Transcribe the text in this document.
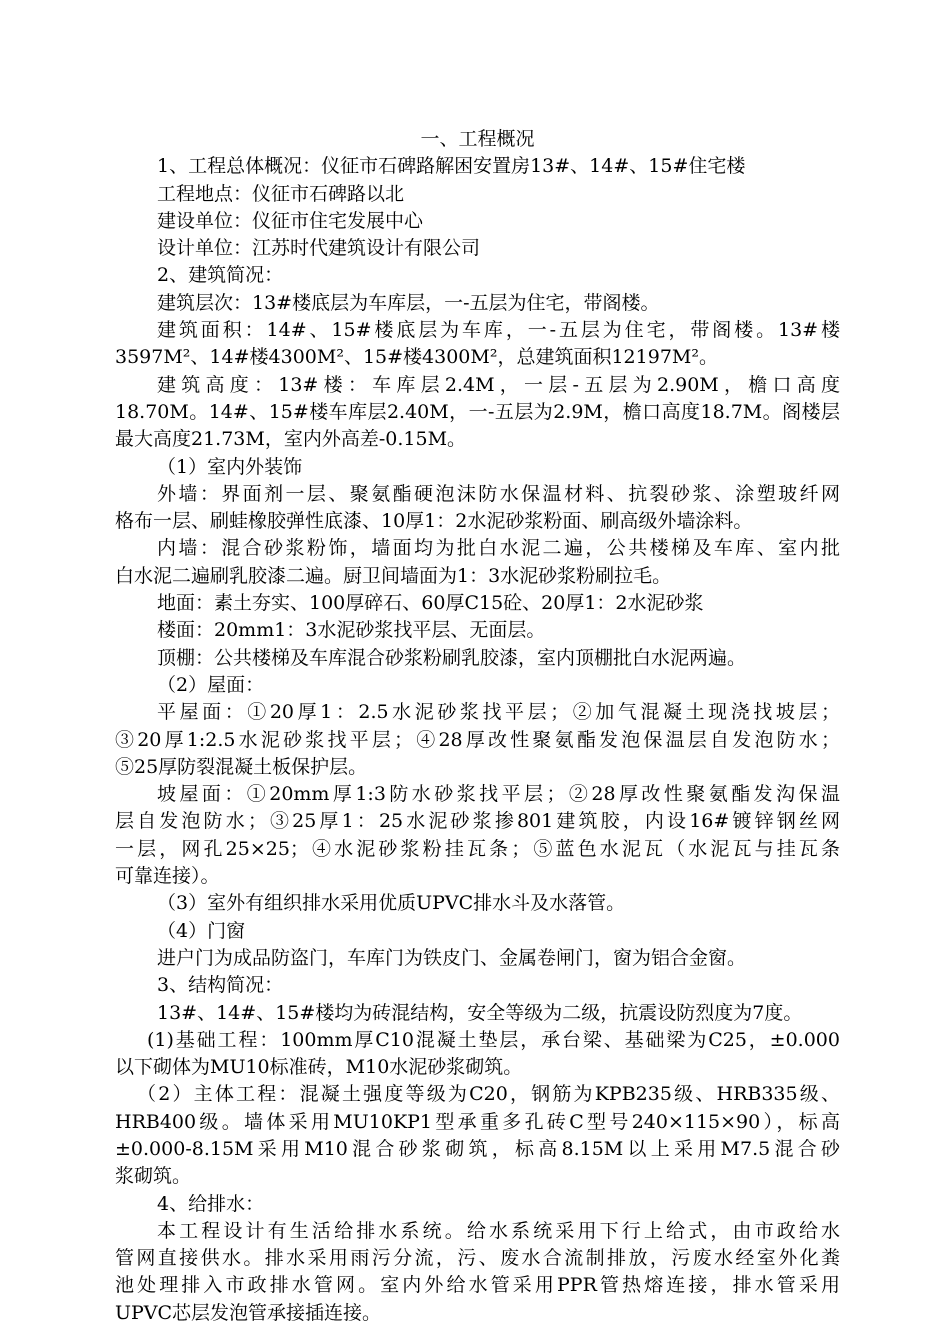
一、工程概况
1、工程总体概况：仪征市石碑路解困安置房13#、14#、15#住宅楼
工程地点：仪征市石碑路以北
建设单位：仪征市住宅发展中心
设计单位：江苏时代建筑设计有限公司
2、建筑简况：
建筑层次：13#楼底层为车库层，一-五层为住宅，带阁楼。
建筑面积：14#、15#楼底层为车库，一-五层为住宅，带阁楼。13#楼
3597M²、14#楼4300M²、15#楼4300M²，总建筑面积12197M²。
建筑高度：13#楼：车库层2.4M，一层-五层为2.90M，檐口高度
18.70M。14#、15#楼车库层2.40M，一-五层为2.9M，檐口高度18.7M。阁楼层
最大高度21.73M，室内外高差-0.15M。
（1）室内外装饰
外墙：界面剂一层、聚氨酯硬泡沫防水保温材料、抗裂砂浆、涂塑玻纤网
格布一层、刷蛙橡胶弹性底漆、10厚1：2水泥砂浆粉面、刷高级外墙涂料。
内墙：混合砂浆粉饰，墙面均为批白水泥二遍，公共楼梯及车库、室内批
白水泥二遍刷乳胶漆二遍。厨卫间墙面为1：3水泥砂浆粉刷拉毛。
地面：素土夯实、100厚碎石、60厚C15砼、20厚1：2水泥砂浆
楼面：20mm1：3水泥砂浆找平层、无面层。
顶棚：公共楼梯及车库混合砂浆粉刷乳胶漆，室内顶棚批白水泥两遍。
（2）屋面：
平屋面：①20厚1：2.5水泥砂浆找平层；②加气混凝土现浇找坡层；
③20厚1:2.5水泥砂浆找平层；④28厚改性聚氨酯发泡保温层自发泡防水；
⑤25厚防裂混凝土板保护层。
坡屋面：①20mm厚1:3防水砂浆找平层；②28厚改性聚氨酯发沟保温
层自发泡防水；③25厚1：25水泥砂浆掺801建筑胶，内设16#镀锌钢丝网
一层，网孔25×25；④水泥砂浆粉挂瓦条；⑤蓝色水泥瓦（水泥瓦与挂瓦条
可靠连接）。
（3）室外有组织排水采用优质UPVC排水斗及水落管。
（4）门窗
进户门为成品防盗门，车库门为铁皮门、金属卷闸门，窗为铝合金窗。
3、结构简况：
13#、14#、15#楼均为砖混结构，安全等级为二级，抗震设防烈度为7度。
(1)基础工程：100mm厚C10混凝土垫层，承台梁、基础梁为C25，±0.000
以下砌体为MU10标准砖，M10水泥砂浆砌筑。
（2）主体工程：混凝土强度等级为C20，钢筋为KPB235级、HRB335级、
HRB400级。墙体采用MU10KP1型承重多孔砖C型号240×115×90），标高
±0.000-8.15M采用M10混合砂浆砌筑，标高8.15M以上采用M7.5混合砂
浆砌筑。
4、给排水：
本工程设计有生活给排水系统。给水系统采用下行上给式，由市政给水
管网直接供水。排水采用雨污分流，污、废水合流制排放，污废水经室外化粪
池处理排入市政排水管网。室内外给水管采用PPR管热熔连接，排水管采用
UPVC芯层发泡管承接插连接。
